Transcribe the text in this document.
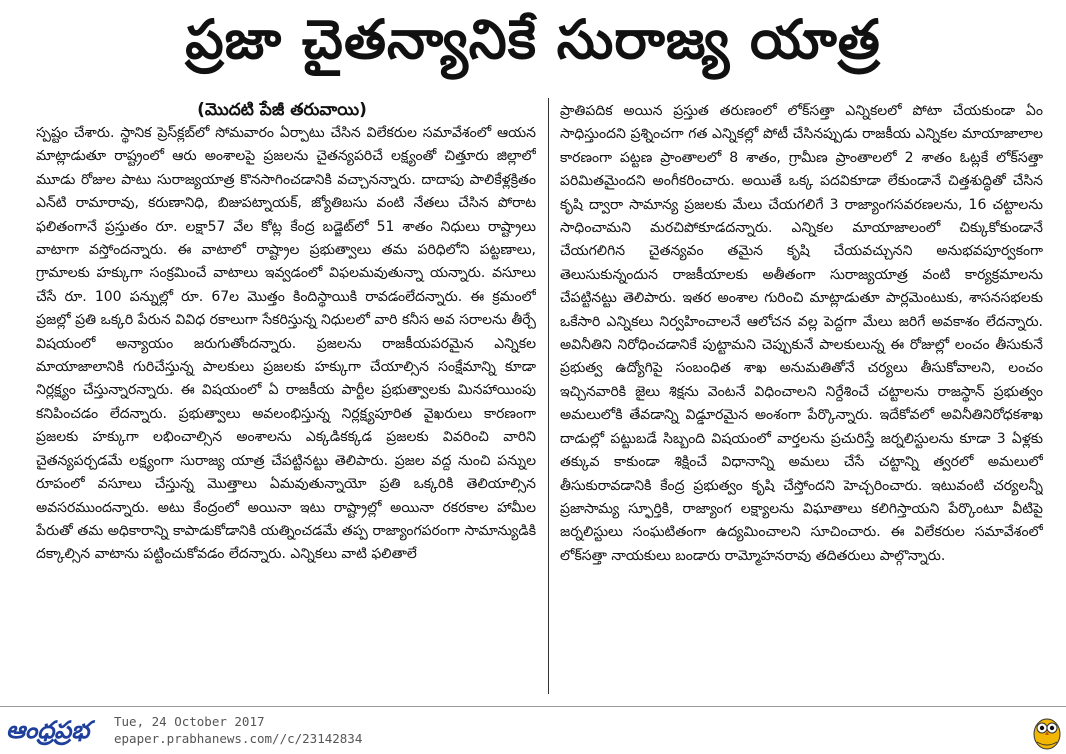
ప్రజా చైతన్యానికే సురాజ్య యాత్ర
(మొదటి పేజీ తరువాయి)
స్పష్టం చేశారు. స్థానిక ప్రెస్‌క్లబ్‌లో సోమవారం ఏర్పాటు చేసిన విలేకరుల సమావేశంలో ఆయన మాట్లాడుతూ రాష్ట్రంలో ఆరు అంశాలపై ప్రజలను చైతన్యపరిచే లక్ష్యంతో చిత్తూరు జిల్లాలో మూడు రోజుల పాటు సురాజ్యయాత్ర కొనసాగించడానికి వచ్చానన్నారు. దాదాపు పాలికేళ్లక్రితం ఎన్‌టి రామారావు, కరుణానిధి, బిజుపట్నాయక్, జ్యోతిబసు వంటి నేతలు చేసిన పోరాట ఫలితంగానే ప్రస్తుతం రూ. లక్షా57 వేల కోట్ల కేంద్ర బడ్జెట్‌లో 51 శాతం నిధులు రాష్ట్రాలు వాటాగా వస్తోందన్నారు. ఈ వాటాలో రాష్ట్రాల ప్రభుత్వాలు తమ పరిధిలోని పట్టణాలు, గ్రామాలకు హక్కుగా సంక్రమించే వాటాలు ఇవ్వడంలో విఫలమవుతున్నా యన్నారు. వసూలు చేసే రూ. 100 పన్నుల్లో రూ. 67ల మొత్తం కిందిస్థాయికి రావడంలేదన్నారు. ఈ క్రమంలో ప్రజల్లో ప్రతి ఒక్కరి పేరున వివిధ రకాలుగా సేకరిస్తున్న నిధులలో వారి కనీస అవ సరాలను తీర్చే విషయంలో అన్యాయం జరుగుతోందన్నారు. ప్రజలను రాజకీయపరమైన ఎన్నికల మాయాజాలానికి గురిచేస్తున్న పాలకులు ప్రజలకు హక్కుగా చేయాల్సిన సంక్షేమాన్ని కూడా నిర్లక్ష్యం చేస్తున్నారన్నారు. ఈ విషయంలో ఏ రాజకీయ పార్టీల ప్రభుత్వాలకు మినహాయింపు కనిపించడం లేదన్నారు. ప్రభుత్వాలు అవలంభిస్తున్న నిర్లక్ష్యపూరిత వైఖరులు కారణంగా ప్రజలకు హక్కుగా లభించాల్సిన అంశాలను ఎక్కడికక్కడ ప్రజలకు వివరించి వారిని చైతన్యపర్చడమే లక్ష్యంగా సురాజ్య యాత్ర చేపట్టినట్టు తెలిపారు. ప్రజల వద్ద నుంచి పన్నుల రూపంలో వసూలు చేస్తున్న మొత్తాలు ఏమవుతున్నాయో ప్రతి ఒక్కరికి తెలియాల్సిన అవసరముందన్నారు. అటు కేంద్రంలో అయినా ఇటు రాష్ట్రాల్లో అయినా రకరకాల హామీల పేరుతో తమ అధికారాన్ని కాపాడుకోడానికి యత్నించడమే తప్ప రాజ్యాంగపరంగా సామాన్యుడికి దక్కాల్సిన వాటాను పట్టించుకోవడం లేదన్నారు. ఎన్నికలు వాటి ఫలితాలే
ప్రాతిపదిక అయిన ప్రస్తుత తరుణంలో లోక్‌సత్తా ఎన్నికలలో పోటా చేయకుండా ఏం సాధిస్తుందని ప్రశ్నించగా గత ఎన్నికల్లో పోటీ చేసినప్పుడు రాజకీయ ఎన్నికల మాయాజాలాల కారణంగా పట్టణ ప్రాంతాలలో 8 శాతం, గ్రామీణ ప్రాంతాలలో 2 శాతం ఓట్లకే లోక్‌సత్తా పరిమితమైందని అంగీకరించారు. అయితే ఒక్క పదవికూడా లేకుండానే చిత్తశుద్ధితో చేసిన కృషి ద్వారా సామాన్య ప్రజలకు మేలు చేయగలిగే 3 రాజ్యాంగసవరణలను, 16 చట్టాలను సాధించామని మరచిపోకూడదన్నారు. ఎన్నికల మాయాజాలంలో చిక్కుకోకుండానే చేయగలిగిన చైతన్యవం తమైన కృషి చేయవచ్చునని అనుభవపూర్వకంగా తెలుసుకున్నందున రాజకీయాలకు అతీతంగా సురాజ్యయాత్ర వంటి కార్యక్రమాలను చేపట్టినట్టు తెలిపారు. ఇతర అంశాల గురించి మాట్లాడుతూ పార్లమెంటుకు, శాసనసభలకు ఒకేసారి ఎన్నికలు నిర్వహించాలనే ఆలోచన వల్ల పెద్దగా మేలు జరిగే అవకాశం లేదన్నారు. అవినీతిని నిరోధించడానికే పుట్టామని చెప్పుకునే పాలకులున్న ఈ రోజుల్లో లంచం తీసుకునే ప్రభుత్వ ఉద్యోగిపై సంబంధిత శాఖ అనుమతితోనే చర్యలు తీసుకోవాలని, లంచం ఇచ్చినవారికి జైలు శిక్షను వెంటనే విధించాలని నిర్దేశించే చట్టాలను రాజస్థాన్ ప్రభుత్వం అమలులోకి తేవడాన్ని విడ్డూరమైన అంశంగా పేర్కొన్నారు. ఇదేకోవలో అవినీతినిరోధకశాఖ దాడుల్లో పట్టుబడే సిబ్బంది విషయంలో వార్తలను ప్రచురిస్తే జర్నలిస్టులను కూడా 3 ఏళ్లకు తక్కువ కాకుండా శిక్షించే విధానాన్ని అమలు చేసే చట్టాన్ని త్వరలో అమలులో తీసుకురావడానికి కేంద్ర ప్రభుత్వం కృషి చేస్తోందని హెచ్చరించారు. ఇటువంటి చర్యలన్నీ ప్రజాసామ్య స్ఫూర్తికి, రాజ్యాంగ లక్ష్యాలను విఘాతాలు కలిగిస్తాయని పేర్కొంటూ వీటిపై జర్నలిస్టులు సంఘటితంగా ఉద్యమించాలని సూచించారు. ఈ విలేకరుల సమావేశంలో లోక్‌సత్తా నాయకులు బండారు రామ్మోహనరావు తదితరులు పాల్గొన్నారు.
ఆంధ్రప్రభ	Tue, 24 October 2017
epaper.prabhanews.com//c/23142834
